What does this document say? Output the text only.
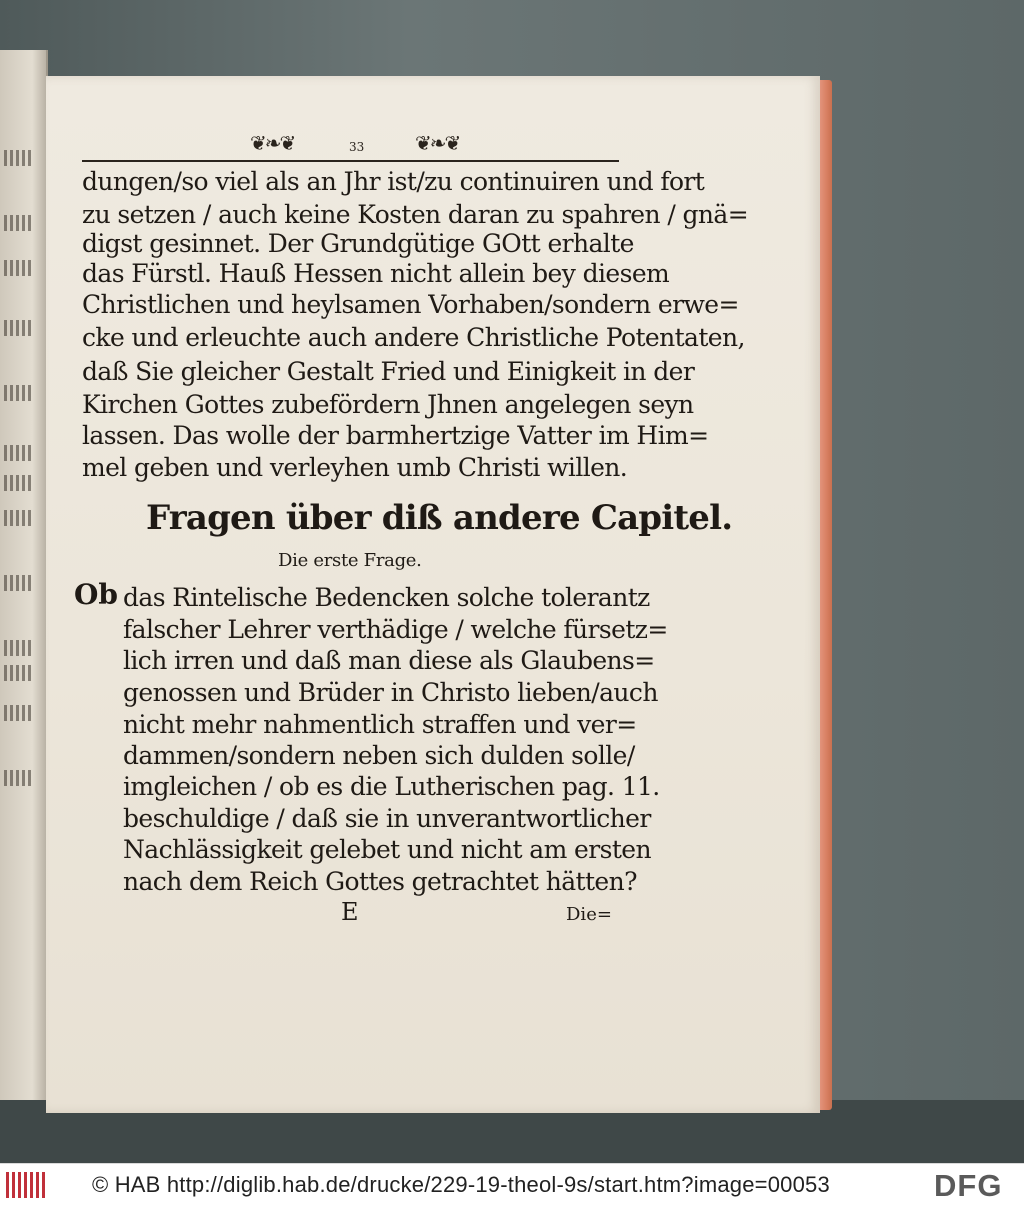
❦❧❦	33	❦❧❦
dungen/so viel als an Jhr ist/zu continuiren und fort
zu setzen / auch keine Kosten daran zu spahren / gnä=
digst gesinnet. Der Grundgütige GOtt erhalte
das Fürstl. Hauß Hessen nicht allein bey diesem
Christlichen und heylsamen Vorhaben/sondern erwe=
cke und erleuchte auch andere Christliche Potentaten,
daß Sie gleicher Gestalt Fried und Einigkeit in der
Kirchen Gottes zubefördern Jhnen angelegen seyn
lassen. Das wolle der barmhertzige Vatter im Him=
mel geben und verleyhen umb Christi willen.
Fragen über diß andere Capitel.
Die erste Frage.
Ob das Rintelische Bedencken solche tolerantz
falscher Lehrer verthädige / welche fürsetz=
lich irren und daß man diese als Glaubens=
genossen und Brüder in Christo lieben/auch
nicht mehr nahmentlich straffen und ver=
dammen/sondern neben sich dulden solle/
imgleichen / ob es die Lutherischen pag. 11.
beschuldige / daß sie in unverantwortlicher
Nachlässigkeit gelebet und nicht am ersten
nach dem Reich Gottes getrachtet hätten?
E	Die=
© HAB http://diglib.hab.de/drucke/229-19-theol-9s/start.htm?image=00053	DFG
